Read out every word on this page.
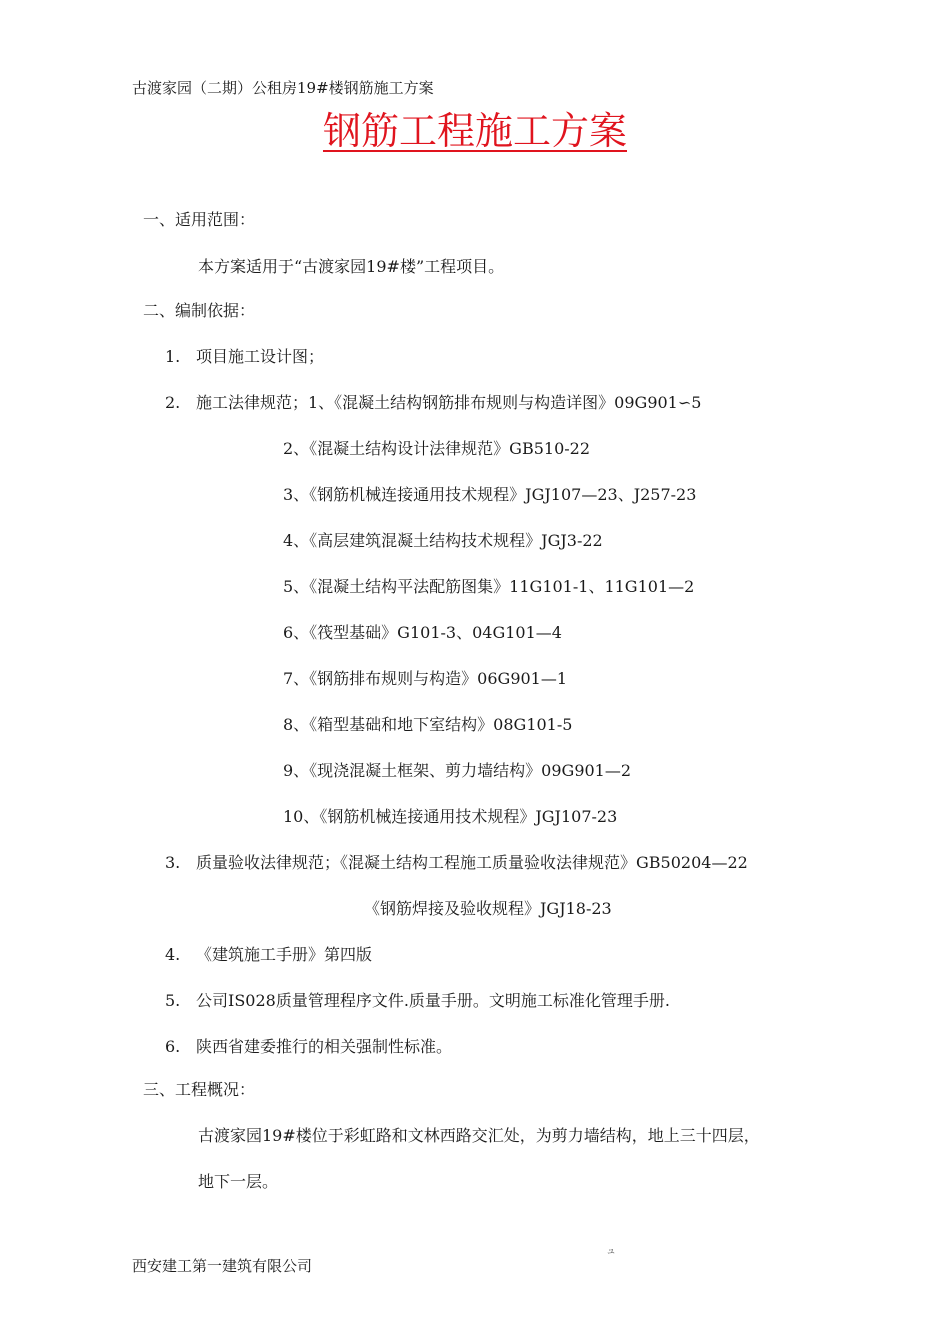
古渡家园（二期）公租房19#楼钢筋施工方案
钢筋工程施工方案
一、适用范围：
本方案适用于“古渡家园19#楼”工程项目。
二、编制依据：
1. 项目施工设计图；
2. 施工法律规范；1、《混凝土结构钢筋排布规则与构造详图》09G901∽5
2、《混凝土结构设计法律规范》GB510-22
3、《钢筋机械连接通用技术规程》JGJ107—23、J257-23
4、《高层建筑混凝土结构技术规程》JGJ3-22
5、《混凝土结构平法配筋图集》11G101-1、11G101—2
6、《筏型基础》G101-3、04G101—4
7、《钢筋排布规则与构造》06G901—1
8、《箱型基础和地下室结构》08G101-5
9、《现浇混凝土框架、剪力墙结构》09G901—2
10、《钢筋机械连接通用技术规程》JGJ107-23
3. 质量验收法律规范；《混凝土结构工程施工质量验收法律规范》GB50204—22
《钢筋焊接及验收规程》JGJ18-23
4. 《建筑施工手册》第四版
5. 公司IS028质量管理程序文件.质量手册。文明施工标准化管理手册.
6. 陕西省建委推行的相关强制性标准。
三、工程概况：
古渡家园19#楼位于彩虹路和文林西路交汇处，为剪力墙结构，地上三十四层，
地下一层。
ュ
西安建工第一建筑有限公司
